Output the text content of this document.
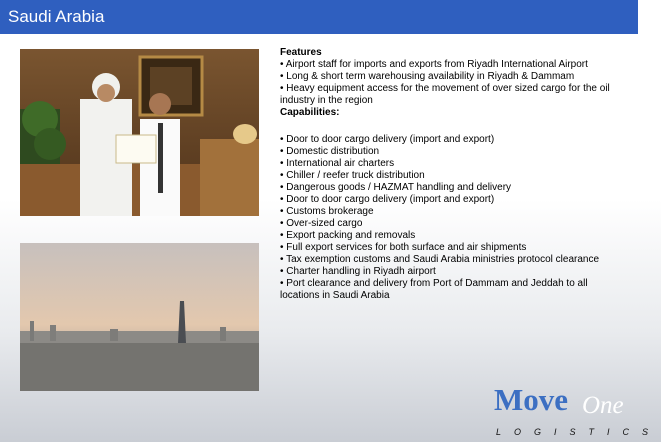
Saudi Arabia

Features

• Airport staff for imports and exports from Riyadh International Airport

• Long & short term warehousing availability in Riyadh & Dammam

• Heavy equipment access for the movement of over sized cargo for the oil industry in the region

Capabilities:

• Door to door cargo delivery (import and export)

• Domestic distribution

• International air charters

• Chiller / reefer truck distribution

• Dangerous goods / HAZMAT handling and delivery

• Door to door cargo delivery (import and export)

• Customs brokerage

• Over-sized cargo

• Export packing and removals

• Full export services for both surface and air shipments

• Tax exemption customs and Saudi Arabia ministries protocol clearance

• Charter handling in Riyadh airport

• Port clearance and delivery from Port of Dammam and Jeddah to all locations in Saudi Arabia

Move One
LOGISTICS
